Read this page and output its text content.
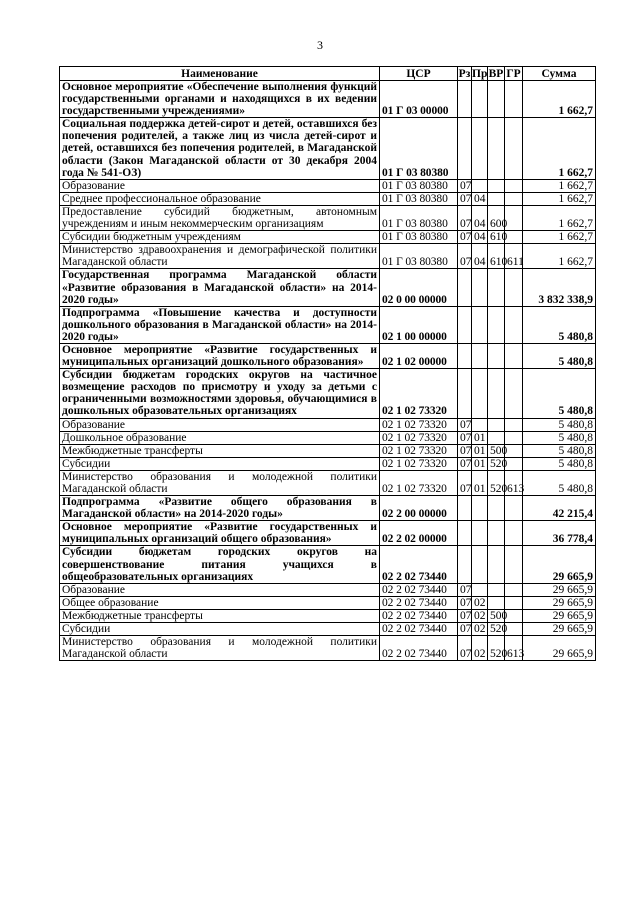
3
Наименование	ЦСР	Рз	Пр	ВР	ГР	Сумма
Основное мероприятие «Обеспечение выполнения функций государственными органами и находящихся в их ведении государственными учреждениями»	01 Г 03 00000					1 662,7
Социальная поддержка детей-сирот и детей, оставшихся без попечения родителей, а также лиц из числа детей-сирот и детей, оставшихся без попечения родителей, в Магаданской области (Закон Магаданской области от 30 декабря 2004 года № 541-ОЗ)	01 Г 03 80380					1 662,7
Образование	01 Г 03 80380	07				1 662,7
Среднее профессиональное образование	01 Г 03 80380	07	04			1 662,7
Предоставление субсидий бюджетным, автономным учреждениям и иным некоммерческим организациям	01 Г 03 80380	07	04	600		1 662,7
Субсидии бюджетным учреждениям	01 Г 03 80380	07	04	610		1 662,7
Министерство здравоохранения и демографической политики Магаданской области	01 Г 03 80380	07	04	610	611	1 662,7
Государственная программа Магаданской области «Развитие образования в Магаданской области» на 2014-2020 годы»	02 0 00 00000					3 832 338,9
Подпрограмма «Повышение качества и доступности дошкольного образования в Магаданской области» на 2014-2020 годы»	02 1 00 00000					5 480,8
Основное мероприятие «Развитие государственных и муниципальных организаций дошкольного образования»	02 1 02 00000					5 480,8
Субсидии бюджетам городских округов на частичное возмещение расходов по присмотру и уходу за детьми с ограниченными возможностями здоровья, обучающимися в дошкольных образовательных организациях	02 1 02 73320					5 480,8
Образование	02 1 02 73320	07				5 480,8
Дошкольное образование	02 1 02 73320	07	01			5 480,8
Межбюджетные трансферты	02 1 02 73320	07	01	500		5 480,8
Субсидии	02 1 02 73320	07	01	520		5 480,8
Министерство образования и молодежной политики Магаданской области	02 1 02 73320	07	01	520	613	5 480,8
Подпрограмма «Развитие общего образования в Магаданской области» на 2014-2020 годы»	02 2 00 00000					42 215,4
Основное мероприятие «Развитие государственных и муниципальных организаций общего образования»	02 2 02 00000					36 778,4
Субсидии бюджетам городских округов на совершенствование питания учащихся в общеобразовательных организациях	02 2 02 73440					29 665,9
Образование	02 2 02 73440	07				29 665,9
Общее образование	02 2 02 73440	07	02			29 665,9
Межбюджетные трансферты	02 2 02 73440	07	02	500		29 665,9
Субсидии	02 2 02 73440	07	02	520		29 665,9
Министерство образования и молодежной политики Магаданской области	02 2 02 73440	07	02	520	613	29 665,9
